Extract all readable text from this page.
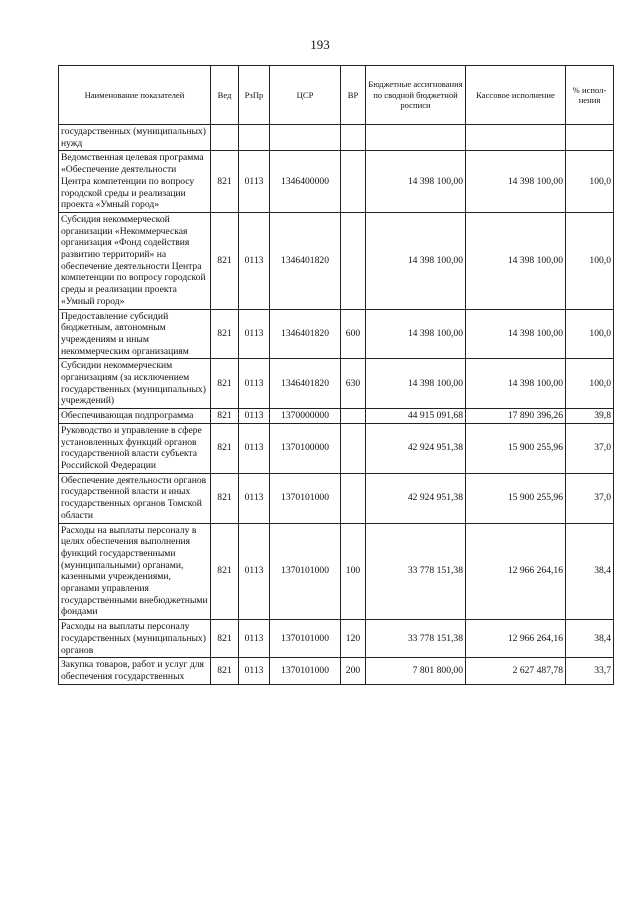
193
Наименование показателей	Вед	РзПр	ЦСР	ВР	Бюджетные ассигнования по сводной бюджетной росписи	Кассовое исполнение	% испол-нения
государственных (муниципальных) нужд							
Ведомственная целевая программа «Обеспечение деятельности Центра компетенции по вопросу городской среды и реализации проекта «Умный город»	821	0113	1346400000		14 398 100,00	14 398 100,00	100,0
Субсидия некоммерческой организации «Некоммерческая организация «Фонд содействия развитию территорий» на обеспечение деятельности Центра компетенции по вопросу городской среды и реализации проекта «Умный город»	821	0113	1346401820		14 398 100,00	14 398 100,00	100,0
Предоставление субсидий бюджетным, автономным учреждениям и иным некоммерческим организациям	821	0113	1346401820	600	14 398 100,00	14 398 100,00	100,0
Субсидии некоммерческим организациям (за исключением государственных (муниципальных) учреждений)	821	0113	1346401820	630	14 398 100,00	14 398 100,00	100,0
Обеспечивающая подпрограмма	821	0113	1370000000		44 915 091,68	17 890 396,26	39,8
Руководство и управление в сфере установленных функций органов государственной власти субъекта Российской Федерации	821	0113	1370100000		42 924 951,38	15 900 255,96	37,0
Обеспечение деятельности органов государственной власти и иных государственных органов Томской области	821	0113	1370101000		42 924 951,38	15 900 255,96	37,0
Расходы на выплаты персоналу в целях обеспечения выполнения функций государственными (муниципальными) органами, казенными учреждениями, органами управления государственными внебюджетными фондами	821	0113	1370101000	100	33 778 151,38	12 966 264,16	38,4
Расходы на выплаты персоналу государственных (муниципальных) органов	821	0113	1370101000	120	33 778 151,38	12 966 264,16	38,4
Закупка товаров, работ и услуг для обеспечения государственных	821	0113	1370101000	200	7 801 800,00	2 627 487,78	33,7
